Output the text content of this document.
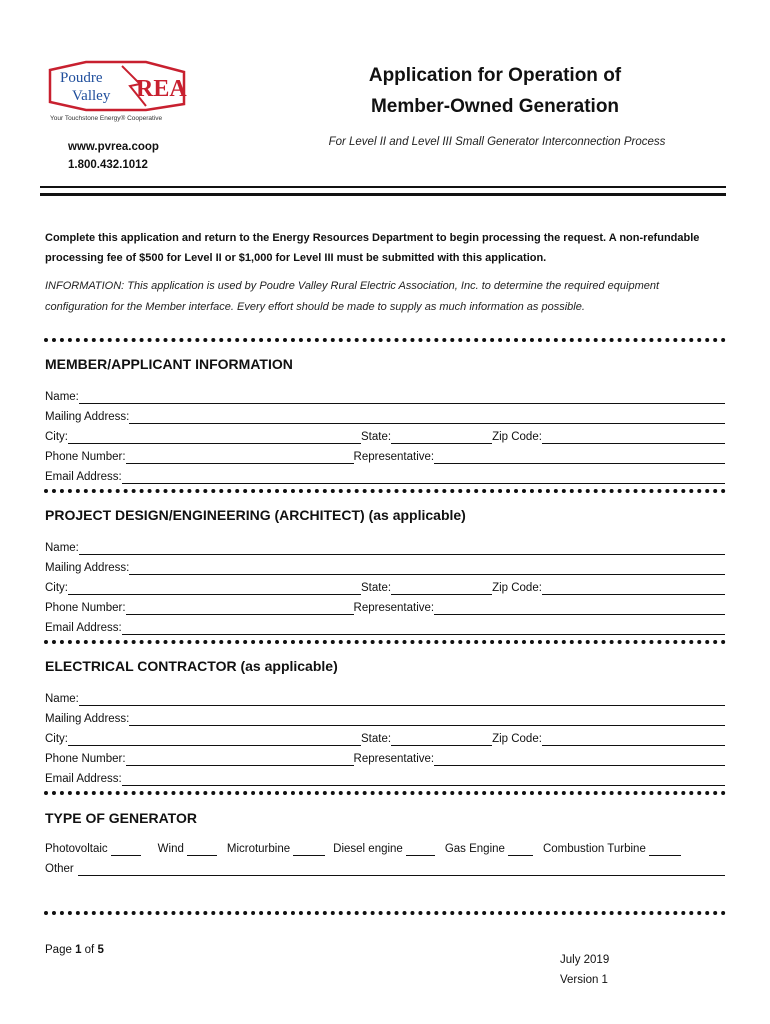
Poudre
Valley REA
Your Touchstone Energy® Cooperative
www.pvrea.coop
1.800.432.1012
Application for Operation of
Member-Owned Generation
For Level II and Level III Small Generator Interconnection Process
Complete this application and return to the Energy Resources Department to begin processing the request. A non-refundable processing fee of $500 for Level II or $1,000 for Level III must be submitted with this application.
INFORMATION: This application is used by Poudre Valley Rural Electric Association, Inc. to determine the required equipment configuration for the Member interface. Every effort should be made to supply as much information as possible.
MEMBER/APPLICANT INFORMATION
Name:
Mailing Address:
City:	State:	Zip Code:
Phone Number:	Representative:
Email Address:
PROJECT DESIGN/ENGINEERING (ARCHITECT) (as applicable)
Name:
Mailing Address:
City:	State:	Zip Code:
Phone Number:	Representative:
Email Address:
ELECTRICAL CONTRACTOR (as applicable)
Name:
Mailing Address:
City:	State:	Zip Code:
Phone Number:	Representative:
Email Address:
TYPE OF GENERATOR
Photovoltaic	Wind	Microturbine	Diesel engine	Gas Engine	Combustion Turbine
Other
Page 1 of 5
July 2019
Version 1
